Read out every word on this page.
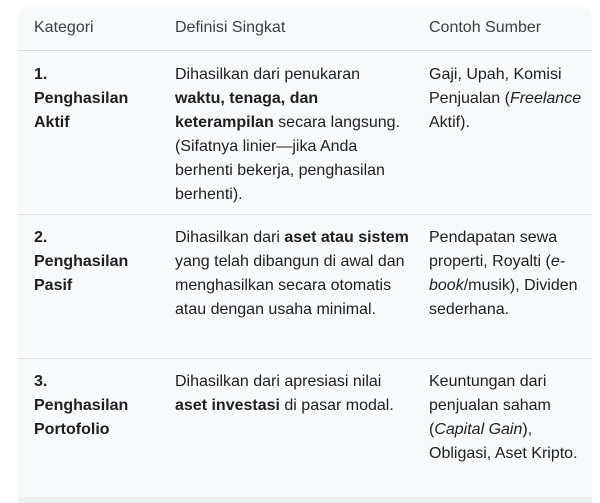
Kategori	Definisi Singkat	Contoh Sumber
1.
Penghasilan
Aktif
Dihasilkan dari penukaran waktu, tenaga, dan keterampilan secara langsung. (Sifatnya linier—jika Anda berhenti bekerja, penghasilan berhenti).
Gaji, Upah, Komisi Penjualan (Freelance Aktif).
2.
Penghasilan
Pasif
Dihasilkan dari aset atau sistem yang telah dibangun di awal dan menghasilkan secara otomatis atau dengan usaha minimal.
Pendapatan sewa properti, Royalti (e-book/musik), Dividen sederhana.
3.
Penghasilan
Portofolio
Dihasilkan dari apresiasi nilai aset investasi di pasar modal.
Keuntungan dari penjualan saham (Capital Gain), Obligasi, Aset Kripto.
